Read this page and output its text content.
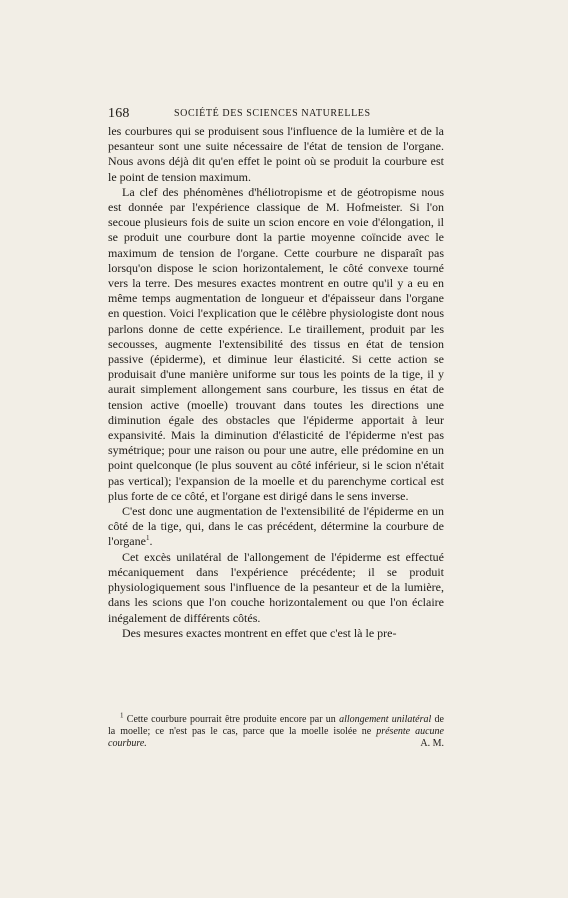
168	SOCIÉTÉ DES SCIENCES NATURELLES

les courbures qui se produisent sous l'influence de la lumière et de la pesanteur sont une suite nécessaire de l'état de tension de l'organe. Nous avons déjà dit qu'en effet le point où se produit la courbure est le point de tension maximum.

La clef des phénomènes d'héliotropisme et de géotropisme nous est donnée par l'expérience classique de M. Hofmeister. Si l'on secoue plusieurs fois de suite un scion encore en voie d'élongation, il se produit une courbure dont la partie moyenne coïncide avec le maximum de tension de l'organe. Cette courbure ne disparaît pas lorsqu'on dispose le scion horizontalement, le côté convexe tourné vers la terre. Des mesures exactes montrent en outre qu'il y a eu en même temps augmentation de longueur et d'épaisseur dans l'organe en question. Voici l'explication que le célèbre physiologiste dont nous parlons donne de cette expérience. Le tiraillement, produit par les secousses, augmente l'extensibilité des tissus en état de tension passive (épiderme), et diminue leur élasticité. Si cette action se produisait d'une manière uniforme sur tous les points de la tige, il y aurait simplement allongement sans courbure, les tissus en état de tension active (moelle) trouvant dans toutes les directions une diminution égale des obstacles que l'épiderme apportait à leur expansivité. Mais la diminution d'élasticité de l'épiderme n'est pas symétrique; pour une raison ou pour une autre, elle prédomine en un point quelconque (le plus souvent au côté inférieur, si le scion n'était pas vertical); l'expansion de la moelle et du parenchyme cortical est plus forte de ce côté, et l'organe est dirigé dans le sens inverse.

C'est donc une augmentation de l'extensibilité de l'épiderme en un côté de la tige, qui, dans le cas précédent, détermine la courbure de l'organe$^1$.

Cet excès unilatéral de l'allongement de l'épiderme est effectué mécaniquement dans l'expérience précédente; il se produit physiologiquement sous l'influence de la pesanteur et de la lumière, dans les scions que l'on couche horizontalement ou que l'on éclaire inégalement de différents côtés.

Des mesures exactes montrent en effet que c'est là le pre-

$^1$ Cette courbure pourrait être produite encore par un allongement unilatéral de la moelle; ce n'est pas le cas, parce que la moelle isolée ne présente aucune courbure.	A. M.
